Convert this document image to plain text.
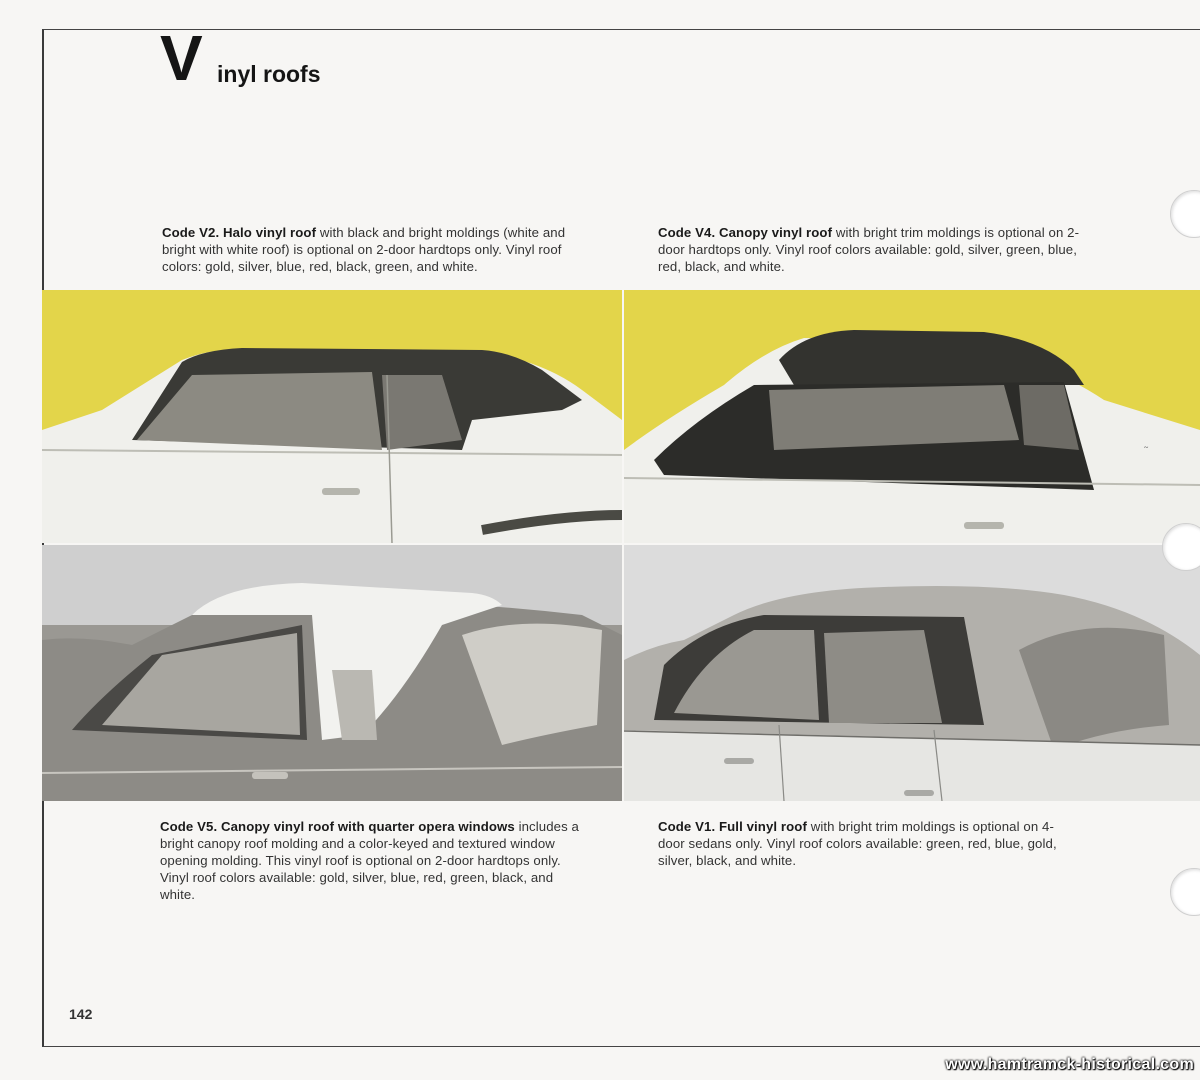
V inyl roofs
Code V2. Halo vinyl roof with black and bright moldings (white and bright with white roof) is optional on 2-door hardtops only. Vinyl roof colors: gold, silver, blue, red, black, green, and white.
Code V4. Canopy vinyl roof with bright trim moldings is optional on 2-door hardtops only. Vinyl roof colors available: gold, silver, green, blue, red, black, and white.
Code V5. Canopy vinyl roof with quarter opera windows includes a bright canopy roof molding and a color-keyed and textured window opening molding. This vinyl roof is optional on 2-door hardtops only. Vinyl roof colors available: gold, silver, blue, red, green, black, and white.
Code V1. Full vinyl roof with bright trim moldings is optional on 4-door sedans only. Vinyl roof colors available: green, red, blue, gold, silver, black, and white.
~
142
www.hamtramck-historical.com
